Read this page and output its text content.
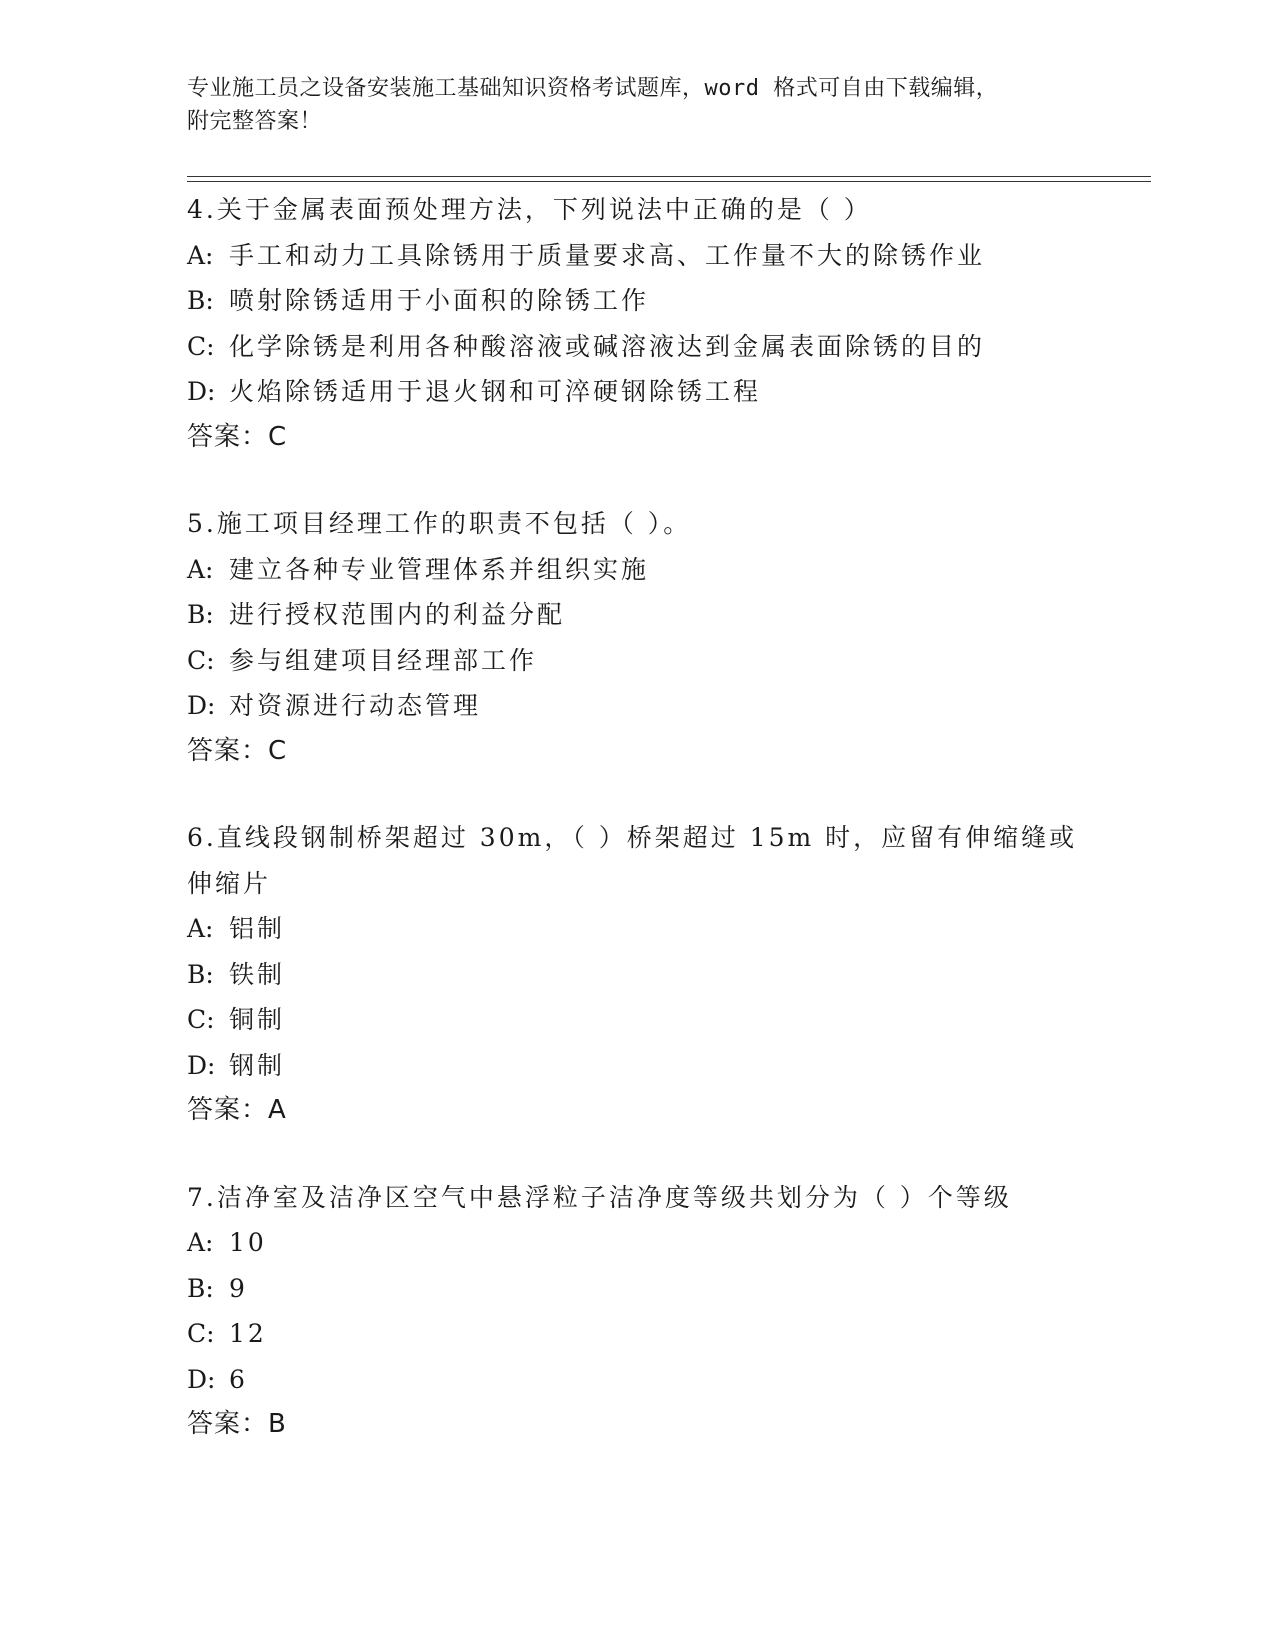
专业施工员之设备安装施工基础知识资格考试题库，word 格式可自由下载编辑，
附完整答案！
4.关于金属表面预处理方法，下列说法中正确的是（ ）
A: 手工和动力工具除锈用于质量要求高、工作量不大的除锈作业
B: 喷射除锈适用于小面积的除锈工作
C: 化学除锈是利用各种酸溶液或碱溶液达到金属表面除锈的目的
D: 火焰除锈适用于退火钢和可淬硬钢除锈工程
答案：C
5.施工项目经理工作的职责不包括（ ）。
A: 建立各种专业管理体系并组织实施
B: 进行授权范围内的利益分配
C: 参与组建项目经理部工作
D: 对资源进行动态管理
答案：C
6.直线段钢制桥架超过 30m，（ ）桥架超过 15m 时，应留有伸缩缝或
伸缩片
A: 铝制
B: 铁制
C: 铜制
D: 钢制
答案：A
7.洁净室及洁净区空气中悬浮粒子洁净度等级共划分为（ ）个等级
A: 10
B: 9
C: 12
D: 6
答案：B
